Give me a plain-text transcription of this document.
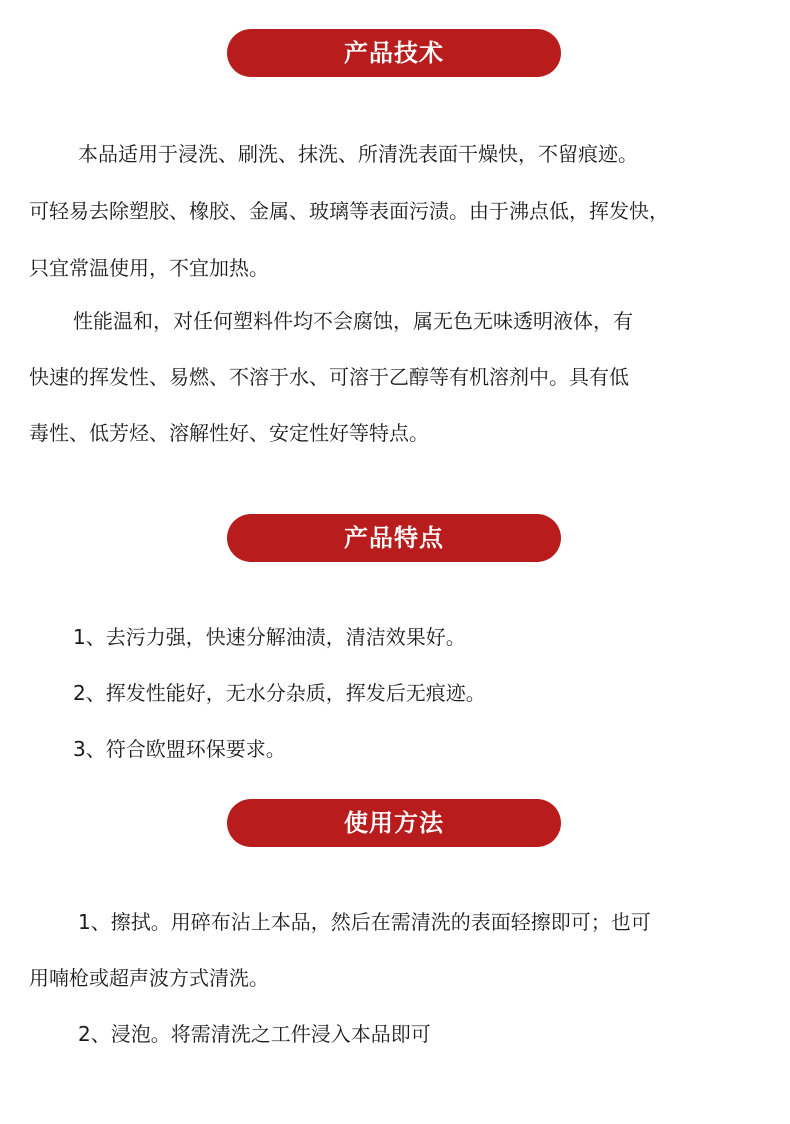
产品技术
本品适用于浸洗、刷洗、抹洗、所清洗表面干燥快，不留痕迹。
可轻易去除塑胶、橡胶、金属、玻璃等表面污渍。由于沸点低，挥发快，
只宜常温使用，不宜加热。
性能温和，对任何塑料件均不会腐蚀，属无色无味透明液体，有
快速的挥发性、易燃、不溶于水、可溶于乙醇等有机溶剂中。具有低
毒性、低芳烃、溶解性好、安定性好等特点。
产品特点
1、去污力强，快速分解油渍，清洁效果好。
2、挥发性能好，无水分杂质，挥发后无痕迹。
3、符合欧盟环保要求。
使用方法
1、擦拭。用碎布沾上本品，然后在需清洗的表面轻擦即可；也可
用喃枪或超声波方式清洗。
2、浸泡。将需清洗之工件浸入本品即可
